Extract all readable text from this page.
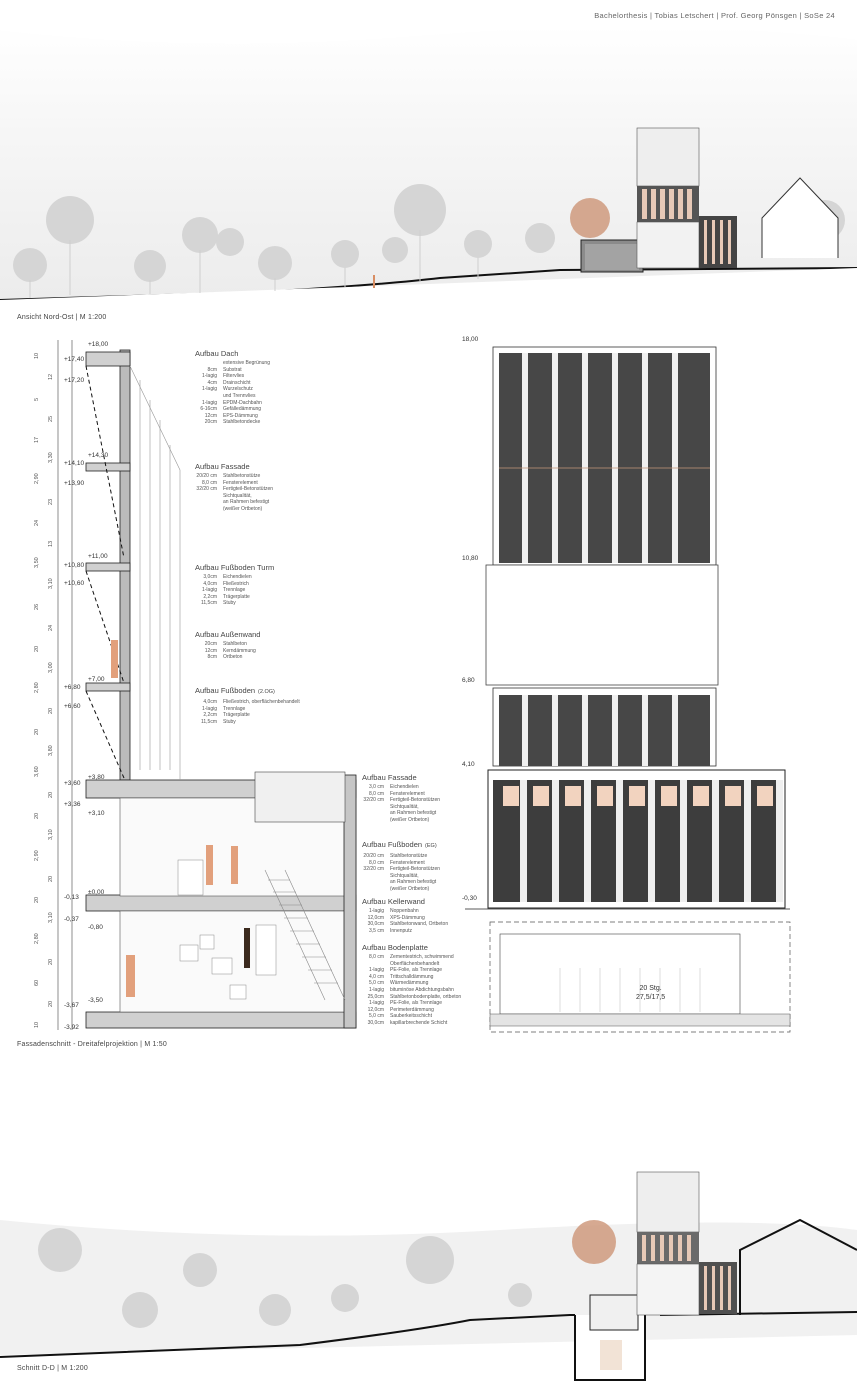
Bachelorthesis | Tobias Letschert | Prof. Georg Pönsgen | SoSe 24
Ansicht Nord-Ost | M 1:200
Fassadenschnitt - Dreitafelprojektion | M 1:50
Schnitt D-D | M 1:200
+18,00
+17,40
+17,20
+14,30
+14,10
+13,90
+11,00
+10,80
+10,60
+7,00
+6,80
+6,60
+3,80
+3,60
+3,36
+3,10
±0,00
-0,13
-0,37
-0,80
-3,50
-3,67
-3,92
10
20
60
20
2,80
3,10
20
20
2,90
3,10
20
20
3,60
3,80
20
20
2,80
3,00
20
24
26
3,10
3,50
13
24
23
2,90
3,30
17
25
5
12
10
18,00
10,80
6,80
4,10
-0,30
20 Stg.
27,5/17,5
Aufbau Dach
extensive Begrünung
8cm Substrat
1-lagig Filtervlies
4cm Drainschicht
1-lagig Wurzelschutz
und Trennvlies
1-lagig EPDM-Dachbahn
6-16cm Gefälledämmung
12cm EPS-Dämmung
20cm Stahlbetondecke
Aufbau Fassade
20/20 cm Stahlbetonstütze
8,0 cm Fensterelement
32/20 cm Fertigteil-Betonstützen
Sichtqualität,
an Rahmen befestigt
(weißer Ortbeton)
Aufbau Fußboden Turm
3,0cm Eichendielen
4,0cm Fließestrich
1-lagig Trennlage
2,2cm Trägerplatte
11,5cm Stuby
Aufbau Außenwand
20cm Stahlbeton
12cm Kerndämmung
8cm Ortbeton
Aufbau Fußboden (2.OG)
4,0cm Fließestrich, oberflächenbehandelt
1-lagig Trennlage
2,2cm Trägerplatte
11,5cm Stuby
Aufbau Fassade
3,0 cm Eichendielen
8,0 cm Fensterelement
32/20 cm Fertigteil-Betonstützen
Sichtqualität,
an Rahmen befestigt
(weißer Ortbeton)
Aufbau Fußboden (EG)
20/20 cm Stahlbetonstütze
8,0 cm Fensterelement
32/20 cm Fertigteil-Betonstützen
Sichtqualität,
an Rahmen befestigt
(weißer Ortbeton)
Aufbau Kellerwand
1-lagig Noppenbahn
12,0cm XPS-Dämmung
30,0cm Stahlbetonwand, Ortbeton
3,5 cm Innenputz
Aufbau Bodenplatte
8,0 cm Zementestrich, schwimmend
Oberflächenbehandelt
1-lagig PE-Folie, als Trennlage
4,0 cm Trittschalldämmung
5,0 cm Wärmedämmung
1-lagig bituminöse Abdichtungsbahn
25,0cm Stahlbetonbodenplatte, ortbeton
1-lagig PE-Folie, als Trennlage
12,0cm Perimeterdämmung
5,0 cm Sauberkeitsschicht
30,0cm kapillarbrechende Schicht
